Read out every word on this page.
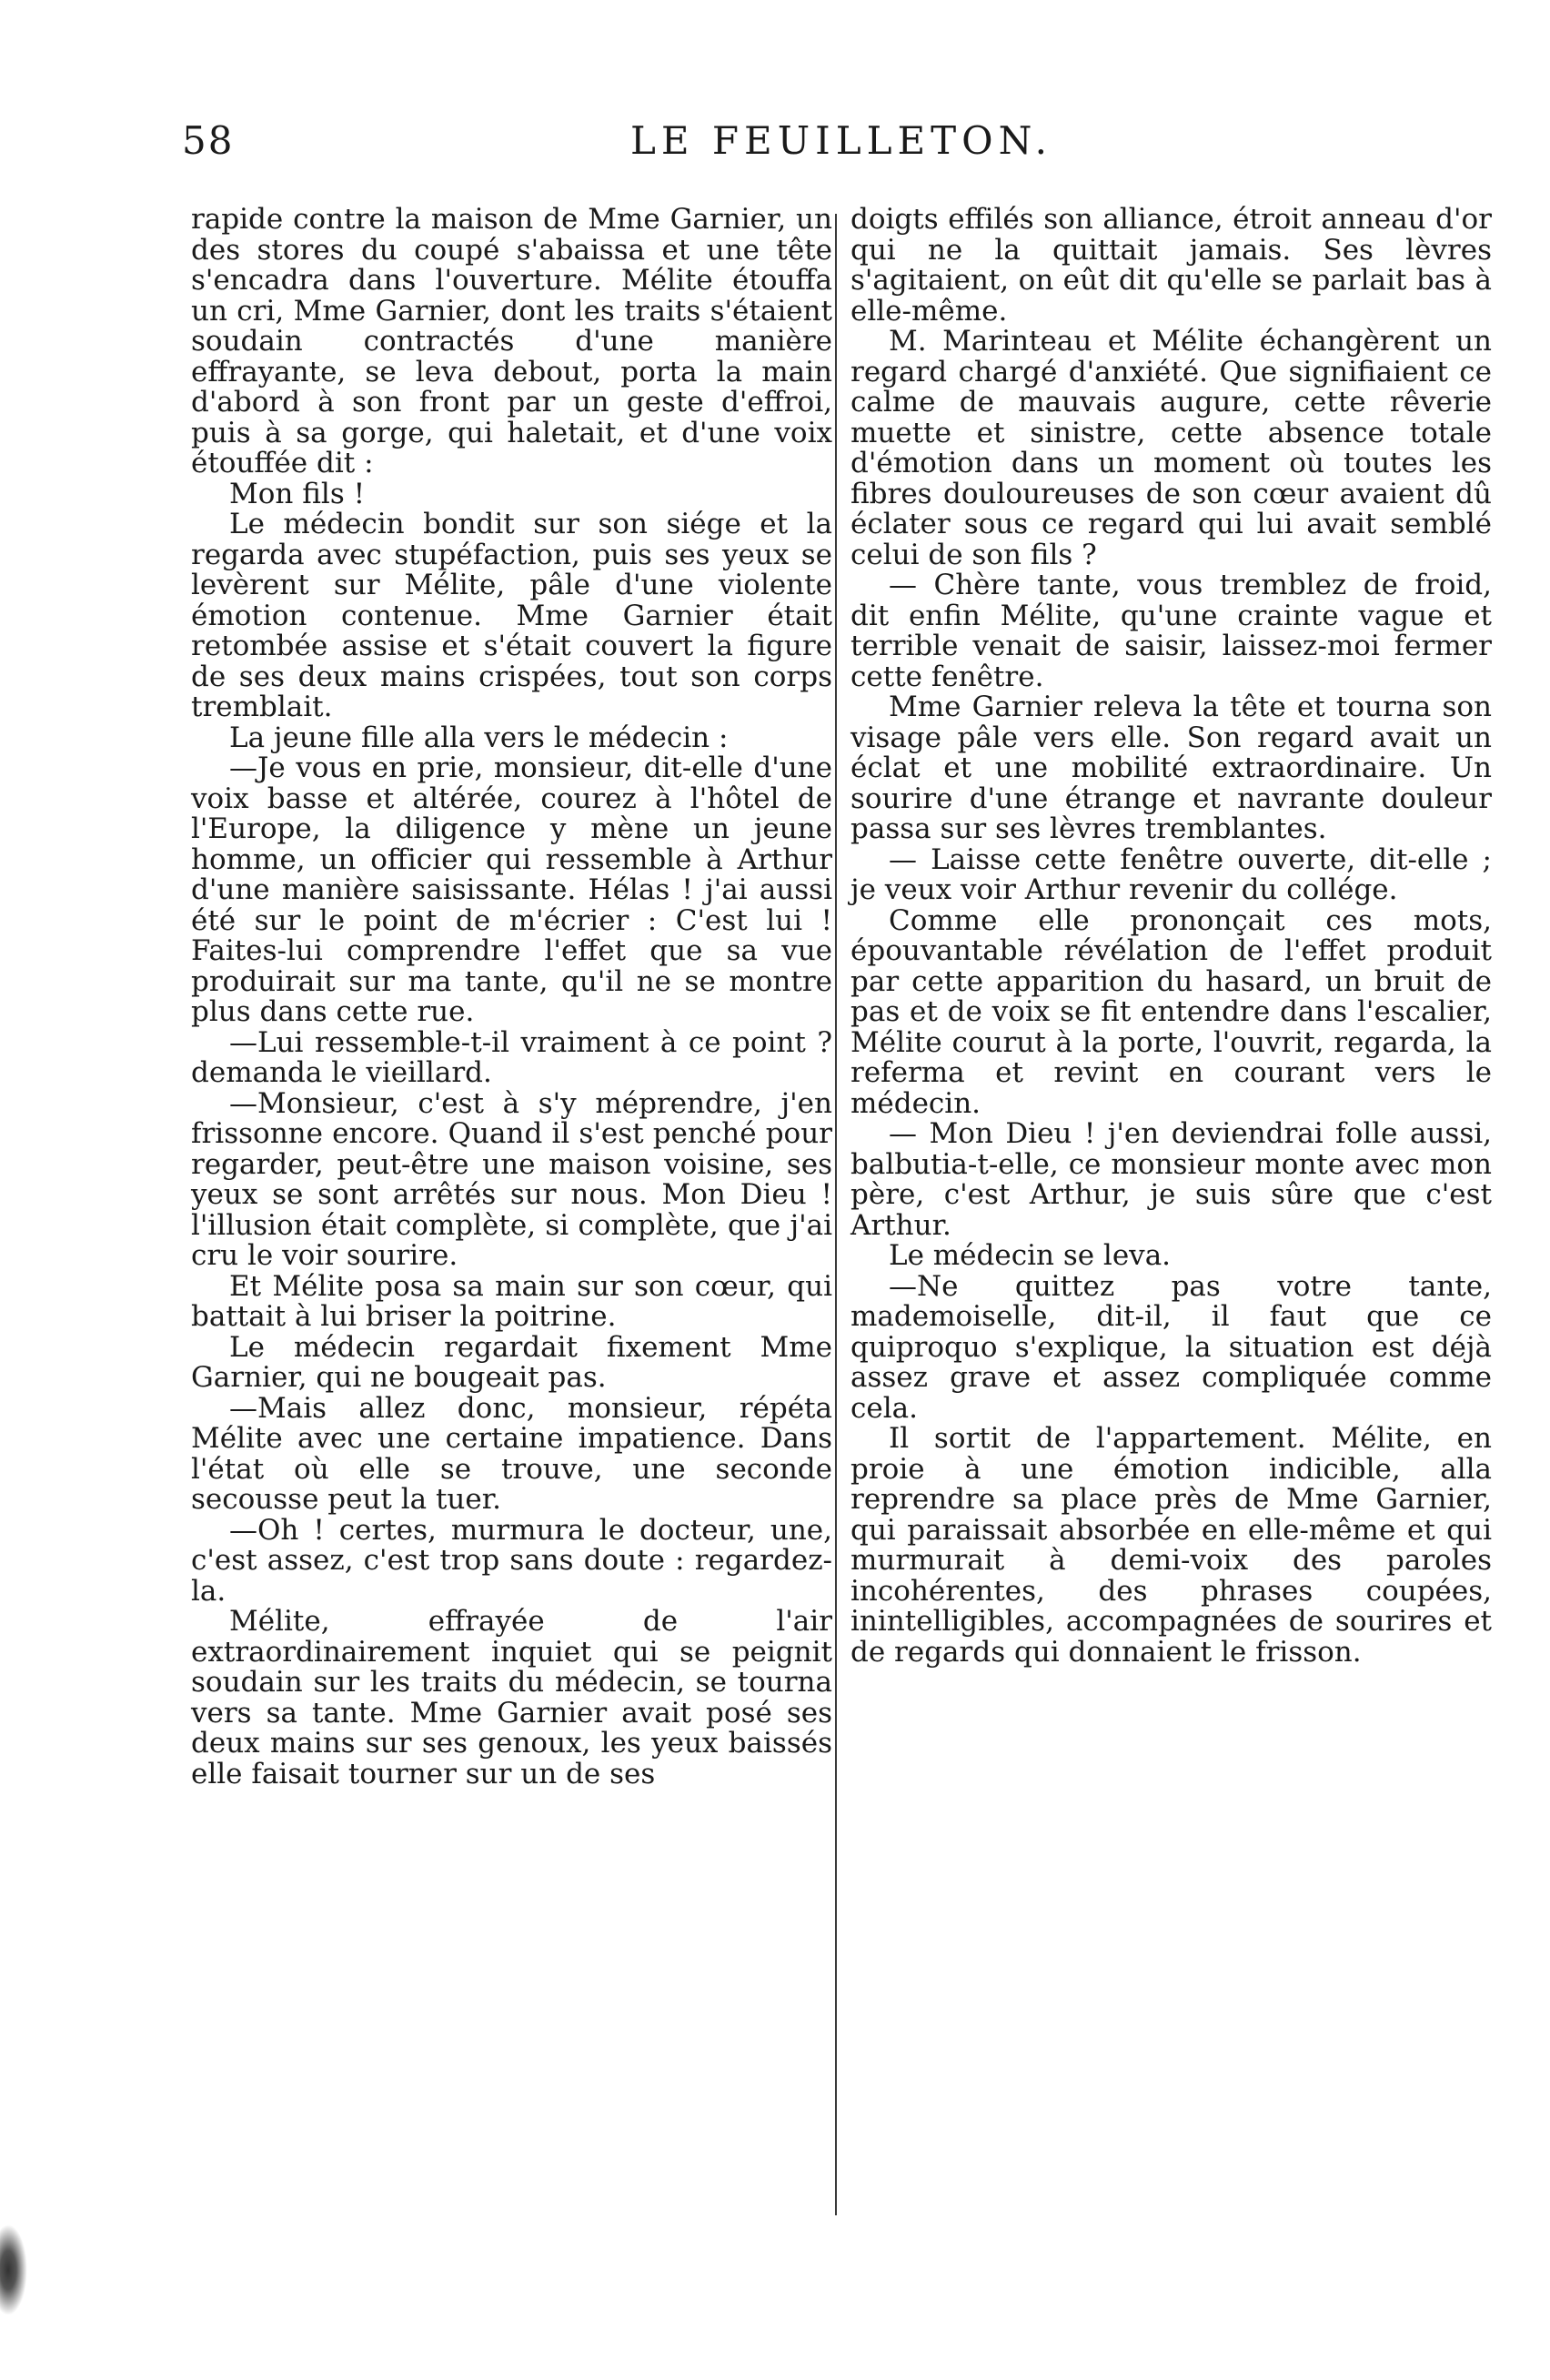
58	LE FEUILLETON.

rapide contre la maison de Mme Garnier, un des stores du coupé s'abaissa et une tête s'encadra dans l'ouverture. Mélite étouffa un cri, Mme Garnier, dont les traits s'étaient soudain contractés d'une manière effrayante, se leva debout, porta la main d'abord à son front par un geste d'effroi, puis à sa gorge, qui haletait, et d'une voix étouffée dit :

Mon fils !

Le médecin bondit sur son siége et la regarda avec stupéfaction, puis ses yeux se levèrent sur Mélite, pâle d'une violente émotion contenue. Mme Garnier était retombée assise et s'était couvert la figure de ses deux mains crispées, tout son corps tremblait.

La jeune fille alla vers le médecin :

—Je vous en prie, monsieur, dit-elle d'une voix basse et altérée, courez à l'hôtel de l'Europe, la diligence y mène un jeune homme, un officier qui ressemble à Arthur d'une manière saisissante. Hélas ! j'ai aussi été sur le point de m'écrier : C'est lui ! Faites-lui comprendre l'effet que sa vue produirait sur ma tante, qu'il ne se montre plus dans cette rue.

—Lui ressemble-t-il vraiment à ce point ? demanda le vieillard.

—Monsieur, c'est à s'y méprendre, j'en frissonne encore. Quand il s'est penché pour regarder, peut-être une maison voisine, ses yeux se sont arrêtés sur nous. Mon Dieu ! l'illusion était complète, si complète, que j'ai cru le voir sourire.

Et Mélite posa sa main sur son cœur, qui battait à lui briser la poitrine.

Le médecin regardait fixement Mme Garnier, qui ne bougeait pas.

—Mais allez donc, monsieur, répéta Mélite avec une certaine impatience. Dans l'état où elle se trouve, une seconde secousse peut la tuer.

—Oh ! certes, murmura le docteur, une, c'est assez, c'est trop sans doute : regardez-la.

Mélite, effrayée de l'air extraordinairement inquiet qui se peignit soudain sur les traits du médecin, se tourna vers sa tante. Mme Garnier avait posé ses deux mains sur ses genoux, les yeux baissés elle faisait tourner sur un de ses

doigts effilés son alliance, étroit anneau d'or qui ne la quittait jamais. Ses lèvres s'agitaient, on eût dit qu'elle se parlait bas à elle-même.

M. Marinteau et Mélite échangèrent un regard chargé d'anxiété. Que signifiaient ce calme de mauvais augure, cette rêverie muette et sinistre, cette absence totale d'émotion dans un moment où toutes les fibres douloureuses de son cœur avaient dû éclater sous ce regard qui lui avait semblé celui de son fils ?

— Chère tante, vous tremblez de froid, dit enfin Mélite, qu'une crainte vague et terrible venait de saisir, laissez-moi fermer cette fenêtre.

Mme Garnier releva la tête et tourna son visage pâle vers elle. Son regard avait un éclat et une mobilité extraordinaire. Un sourire d'une étrange et navrante douleur passa sur ses lèvres tremblantes.

— Laisse cette fenêtre ouverte, dit-elle ; je veux voir Arthur revenir du collége.

Comme elle prononçait ces mots, épouvantable révélation de l'effet produit par cette apparition du hasard, un bruit de pas et de voix se fit entendre dans l'escalier, Mélite courut à la porte, l'ouvrit, regarda, la referma et revint en courant vers le médecin.

— Mon Dieu ! j'en deviendrai folle aussi, balbutia-t-elle, ce monsieur monte avec mon père, c'est Arthur, je suis sûre que c'est Arthur.

Le médecin se leva.

—Ne quittez pas votre tante, mademoiselle, dit-il, il faut que ce quiproquo s'explique, la situation est déjà assez grave et assez compliquée comme cela.

Il sortit de l'appartement. Mélite, en proie à une émotion indicible, alla reprendre sa place près de Mme Garnier, qui paraissait absorbée en elle-même et qui murmurait à demi-voix des paroles incohérentes, des phrases coupées, inintelligibles, accompagnées de sourires et de regards qui donnaient le frisson.
